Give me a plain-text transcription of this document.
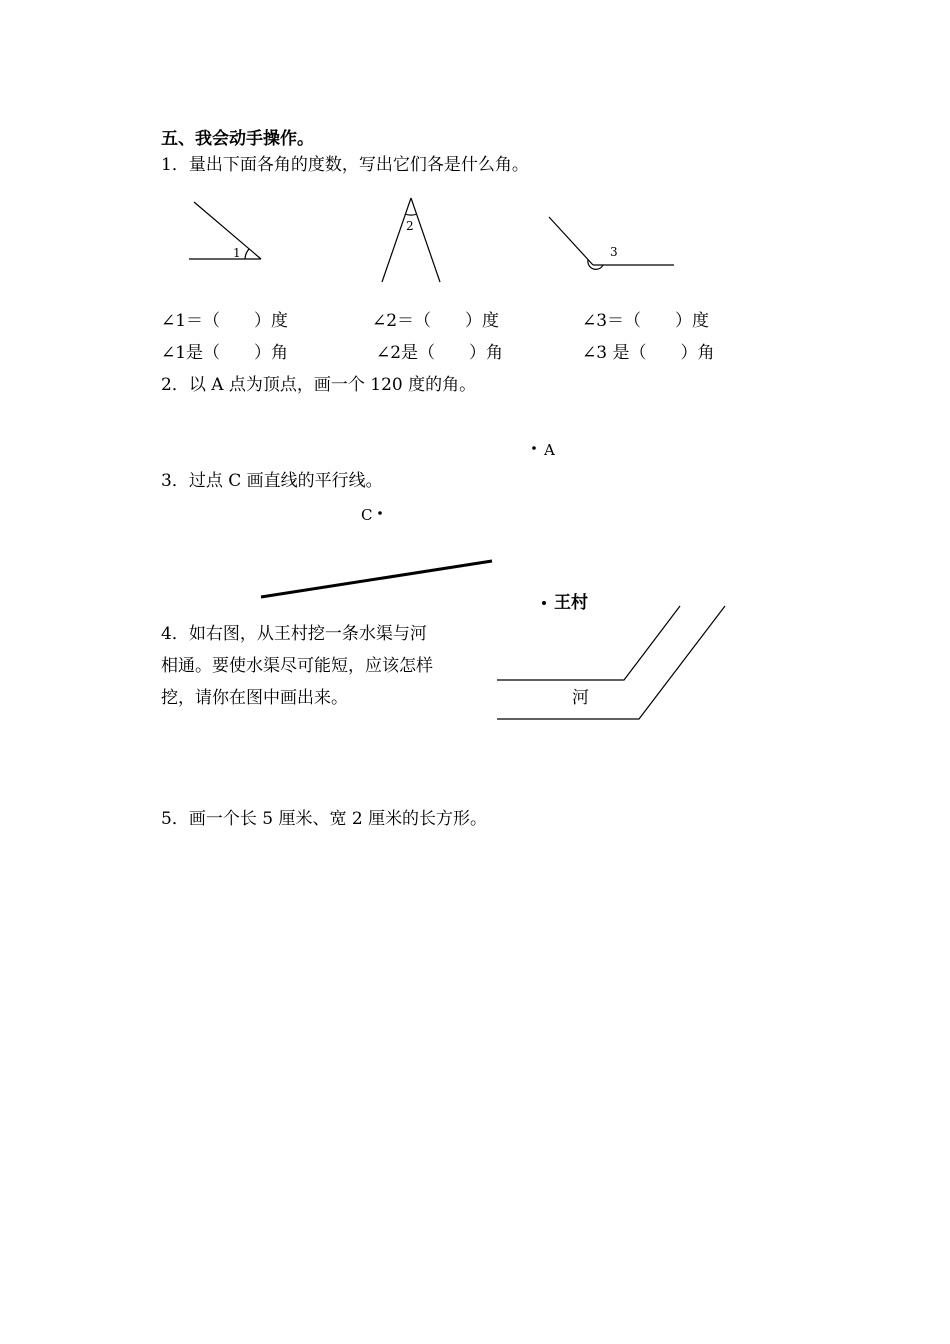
五、我会动手操作。
1．量出下面各角的度数，写出它们各是什么角。
1
2
3
∠1＝（　　）度	∠2＝（　　）度	∠3＝（　　）度
∠1是（　　）角	∠2是（　　）角	∠3 是（　　）角
2．以 A 点为顶点，画一个 120 度的角。
A
3．过点 C 画直线的平行线。
C
4．如右图，从王村挖一条水渠与河
相通。要使水渠尽可能短，应该怎样
挖，请你在图中画出来。
王村
河
5．画一个长 5 厘米、宽 2 厘米的长方形。
